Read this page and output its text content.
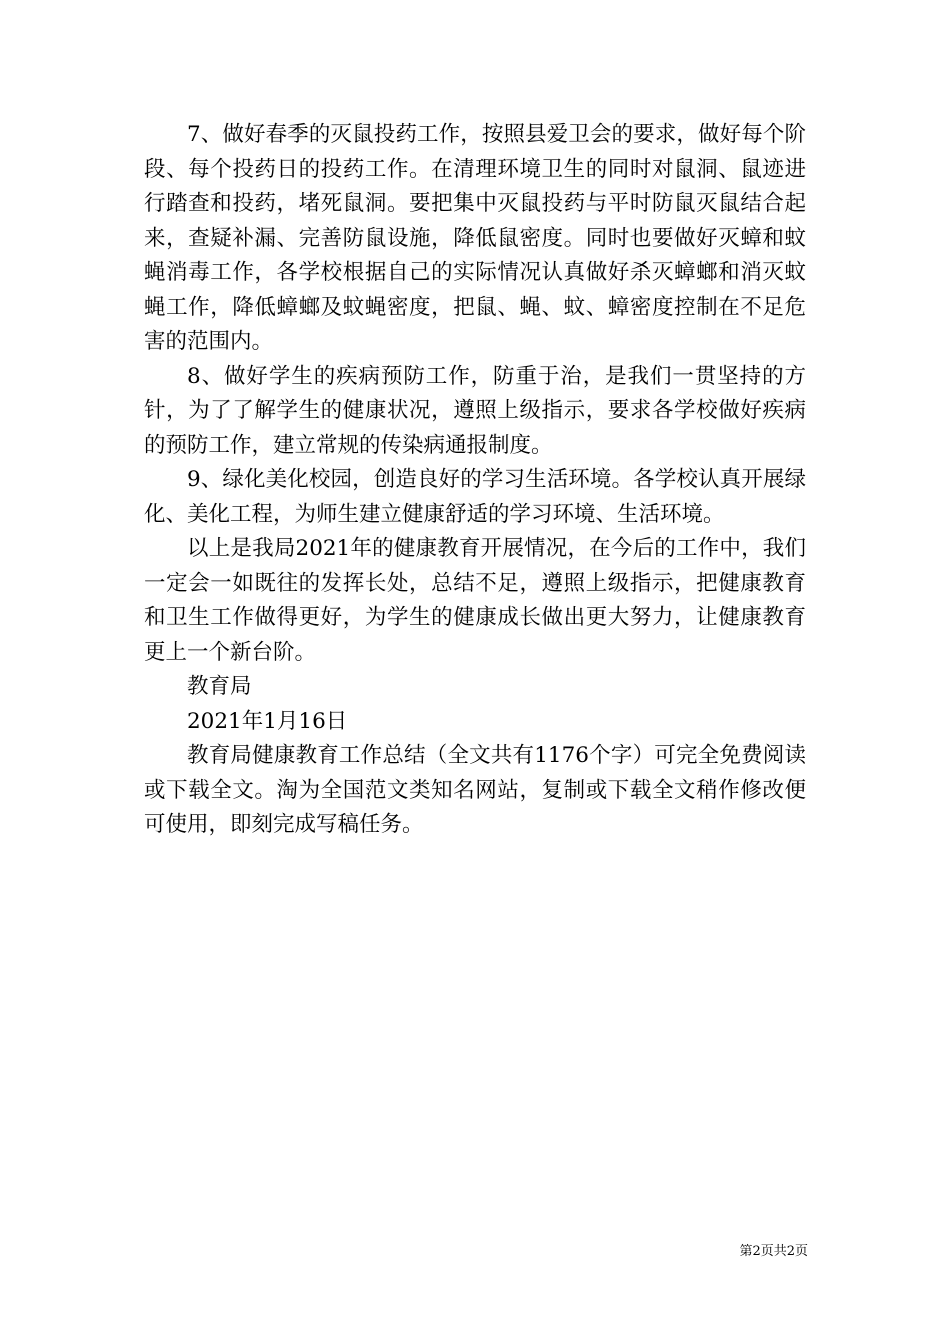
7、做好春季的灭鼠投药工作，按照县爱卫会的要求，做好每个阶段、每个投药日的投药工作。在清理环境卫生的同时对鼠洞、鼠迹进行踏查和投药，堵死鼠洞。要把集中灭鼠投药与平时防鼠灭鼠结合起来，查疑补漏、完善防鼠设施，降低鼠密度。同时也要做好灭蟑和蚊蝇消毒工作，各学校根据自己的实际情况认真做好杀灭蟑螂和消灭蚊蝇工作，降低蟑螂及蚊蝇密度，把鼠、蝇、蚊、蟑密度控制在不足危害的范围内。

8、做好学生的疾病预防工作，防重于治，是我们一贯坚持的方针，为了了解学生的健康状况，遵照上级指示，要求各学校做好疾病的预防工作，建立常规的传染病通报制度。

9、绿化美化校园，创造良好的学习生活环境。各学校认真开展绿化、美化工程，为师生建立健康舒适的学习环境、生活环境。

以上是我局2021年的健康教育开展情况，在今后的工作中，我们一定会一如既往的发挥长处，总结不足，遵照上级指示，把健康教育和卫生工作做得更好，为学生的健康成长做出更大努力，让健康教育更上一个新台阶。

教育局

2021年1月16日

教育局健康教育工作总结（全文共有1176个字）可完全免费阅读或下载全文。淘为全国范文类知名网站，复制或下载全文稍作修改便可使用，即刻完成写稿任务。

第2页共2页
